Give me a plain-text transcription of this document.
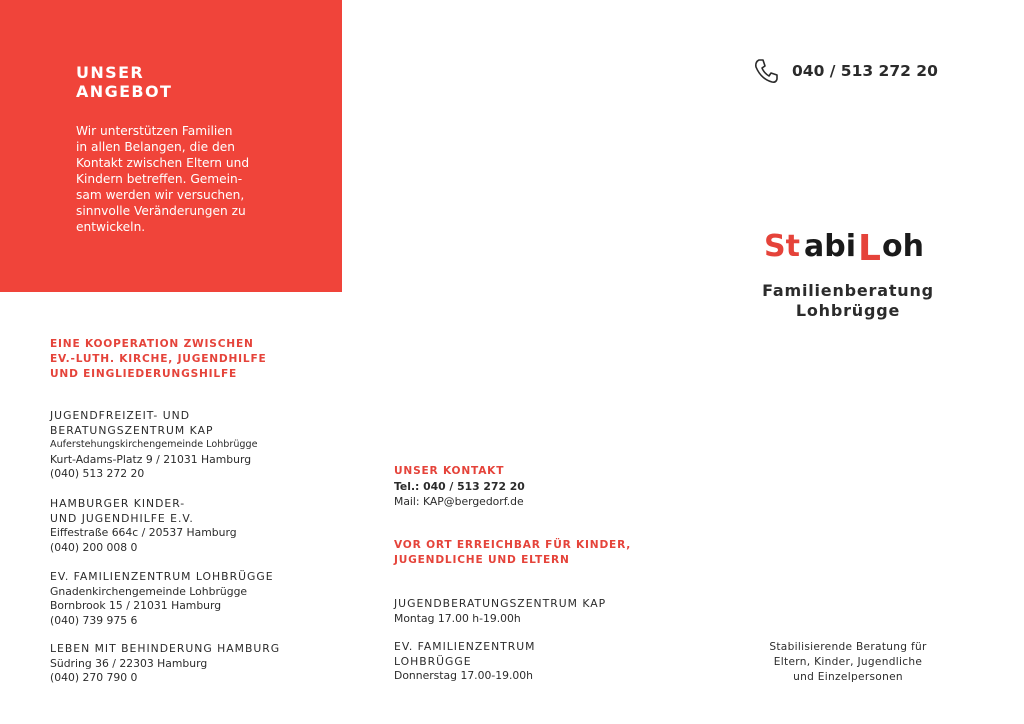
UNSER
ANGEBOT
Wir unterstützen Familien
in allen Belangen, die den
Kontakt zwischen Eltern und
Kindern betreffen. Gemein-
sam werden wir versuchen,
sinnvolle Veränderungen zu
entwickeln.
EINE KOOPERATION ZWISCHEN
EV.-LUTH. KIRCHE, JUGENDHILFE
UND EINGLIEDERUNGSHILFE
JUGENDFREIZEIT- UND
BERATUNGSZENTRUM KAP
Auferstehungskirchengemeinde Lohbrügge
Kurt-Adams-Platz 9 / 21031 Hamburg
(040) 513 272 20
HAMBURGER KINDER-
UND JUGENDHILFE E.V.
Eiffestraße 664c / 20537 Hamburg
(040) 200 008 0
EV. FAMILIENZENTRUM LOHBRÜGGE
Gnadenkirchengemeinde Lohbrügge
Bornbrook 15 / 21031 Hamburg
(040) 739 975 6
LEBEN MIT BEHINDERUNG HAMBURG
Südring 36 / 22303 Hamburg
(040) 270 790 0
UNSER KONTAKT
Tel.: 040 / 513 272 20
Mail: KAP@bergedorf.de
VOR ORT ERREICHBAR FÜR KINDER,
JUGENDLICHE UND ELTERN
JUGENDBERATUNGSZENTRUM KAP
Montag 17.00 h-19.00h
EV. FAMILIENZENTRUM
LOHBRÜGGE
Donnerstag 17.00-19.00h
040 / 513 272 20
St abi L oh
Familienberatung
Lohbrügge
Stabilisierende Beratung für
Eltern, Kinder, Jugendliche
und Einzelpersonen
